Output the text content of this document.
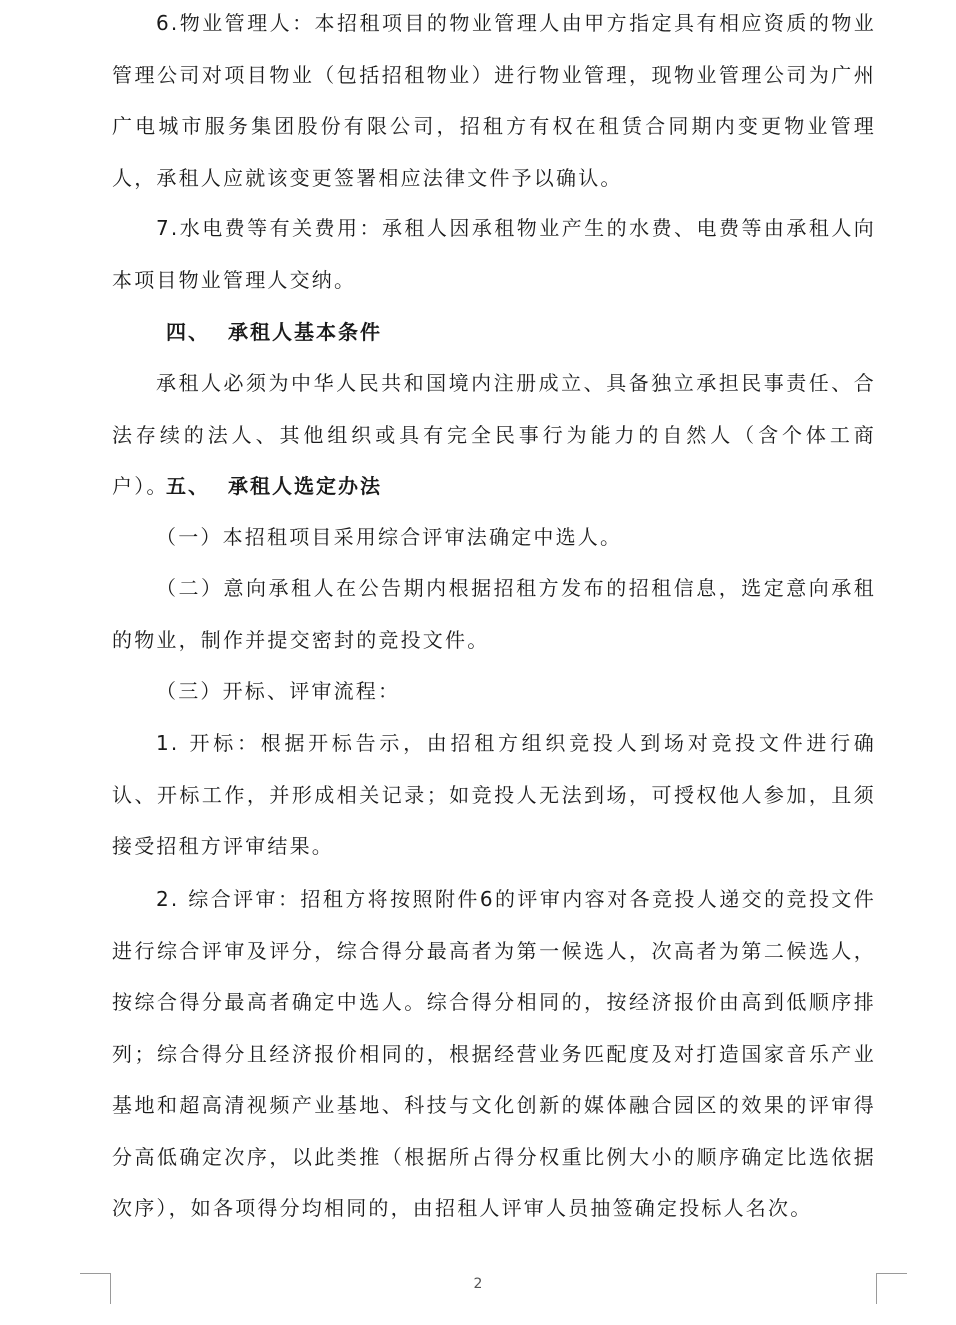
6.物业管理人：本招租项目的物业管理人由甲方指定具有相应资质的物业管理公司对项目物业（包括招租物业）进行物业管理，现物业管理公司为广州广电城市服务集团股份有限公司，招租方有权在租赁合同期内变更物业管理人，承租人应就该变更签署相应法律文件予以确认。

7.水电费等有关费用：承租人因承租物业产生的水费、电费等由承租人向本项目物业管理人交纳。

四、 承租人基本条件

承租人必须为中华人民共和国境内注册成立、具备独立承担民事责任、合法存续的法人、其他组织或具有完全民事行为能力的自然人（含个体工商户）。

五、 承租人选定办法

（一）本招租项目采用综合评审法确定中选人。

（二）意向承租人在公告期内根据招租方发布的招租信息，选定意向承租的物业，制作并提交密封的竞投文件。

（三）开标、评审流程：

1. 开标：根据开标告示，由招租方组织竞投人到场对竞投文件进行确认、开标工作，并形成相关记录；如竞投人无法到场，可授权他人参加，且须接受招租方评审结果。

2. 综合评审：招租方将按照附件6的评审内容对各竞投人递交的竞投文件进行综合评审及评分，综合得分最高者为第一候选人，次高者为第二候选人，按综合得分最高者确定中选人。综合得分相同的，按经济报价由高到低顺序排列；综合得分且经济报价相同的，根据经营业务匹配度及对打造国家音乐产业基地和超高清视频产业基地、科技与文化创新的媒体融合园区的效果的评审得分高低确定次序，以此类推（根据所占得分权重比例大小的顺序确定比选依据次序），如各项得分均相同的，由招租人评审人员抽签确定投标人名次。

2
